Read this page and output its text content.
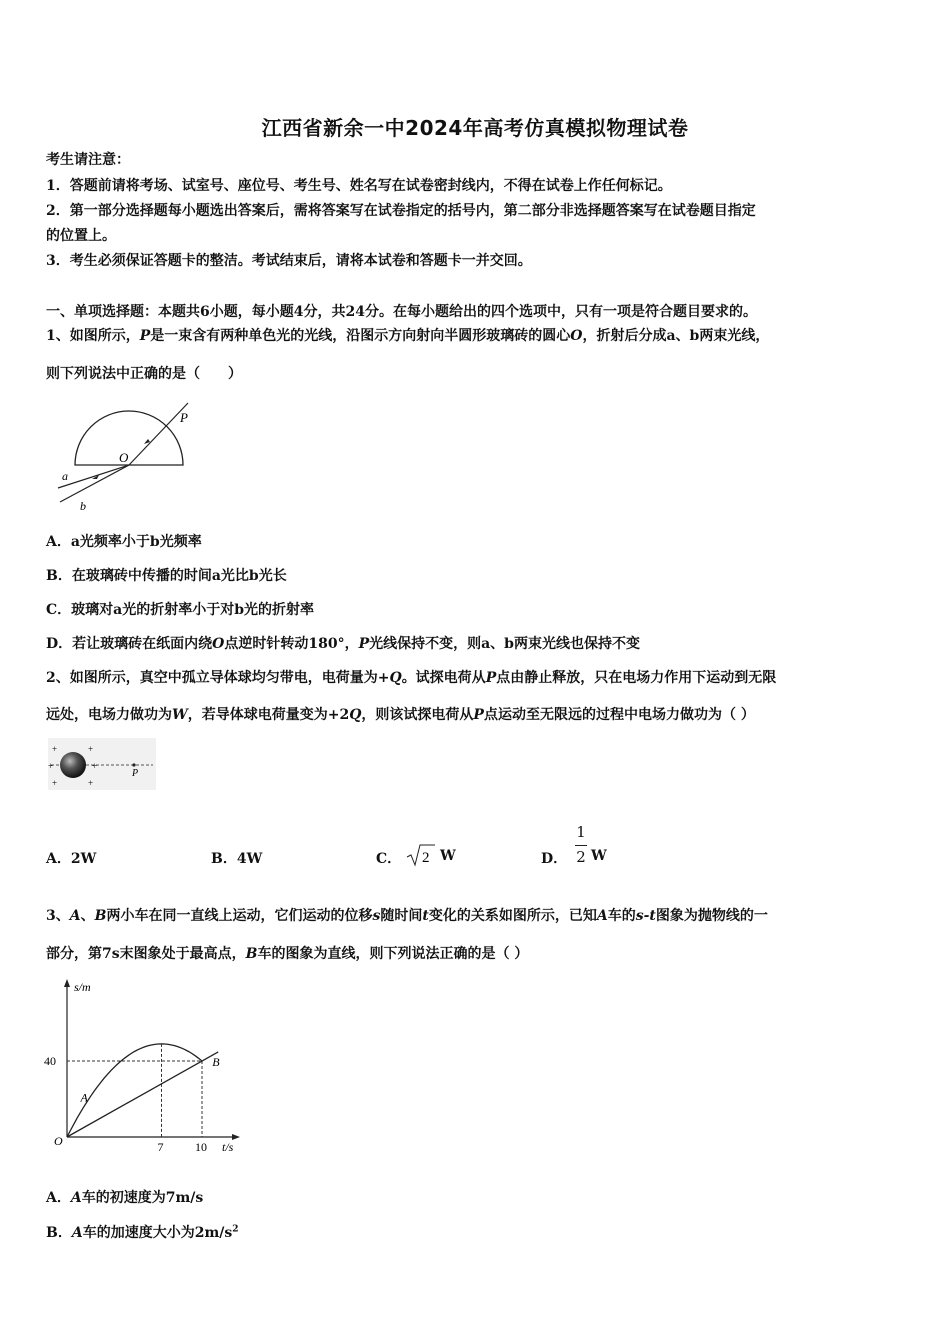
江西省新余一中2024年高考仿真模拟物理试卷
考生请注意：
1．答题前请将考场、试室号、座位号、考生号、姓名写在试卷密封线内，不得在试卷上作任何标记。
2．第一部分选择题每小题选出答案后，需将答案写在试卷指定的括号内，第二部分非选择题答案写在试卷题目指定
的位置上。
3．考生必须保证答题卡的整洁。考试结束后，请将本试卷和答题卡一并交回。
一、单项选择题：本题共6小题，每小题4分，共24分。在每小题给出的四个选项中，只有一项是符合题目要求的。
1、如图所示，P是一束含有两种单色光的光线，沿图示方向射向半圆形玻璃砖的圆心O，折射后分成a、b两束光线，
则下列说法中正确的是（　　）
P
O
a
b
A．a光频率小于b光频率
B．在玻璃砖中传播的时间a光比b光长
C．玻璃对a光的折射率小于对b光的折射率
D．若让玻璃砖在纸面内绕O点逆时针转动180°，P光线保持不变，则a、b两束光线也保持不变
2、如图所示，真空中孤立导体球均匀带电，电荷量为+Q。试探电荷从P点由静止释放，只在电场力作用下运动到无限
远处，电场力做功为W，若导体球电荷量变为+2Q，则该试探电荷从P点运动至无限远的过程中电场力做功为（ ）
+	+
+	+
+	+
P
A．2W	B．4W	C． 2 W	D．
1
2 W
3、A、B两小车在同一直线上运动，它们运动的位移s随时间t变化的关系如图所示，已知A车的s-t图象为抛物线的一
部分，第7s末图象处于最高点，B车的图象为直线，则下列说法正确的是（ ）
s/m
t/s
O
40
7	10
A
B
A．A车的初速度为7m/s
B．A车的加速度大小为$2m/s^2$
